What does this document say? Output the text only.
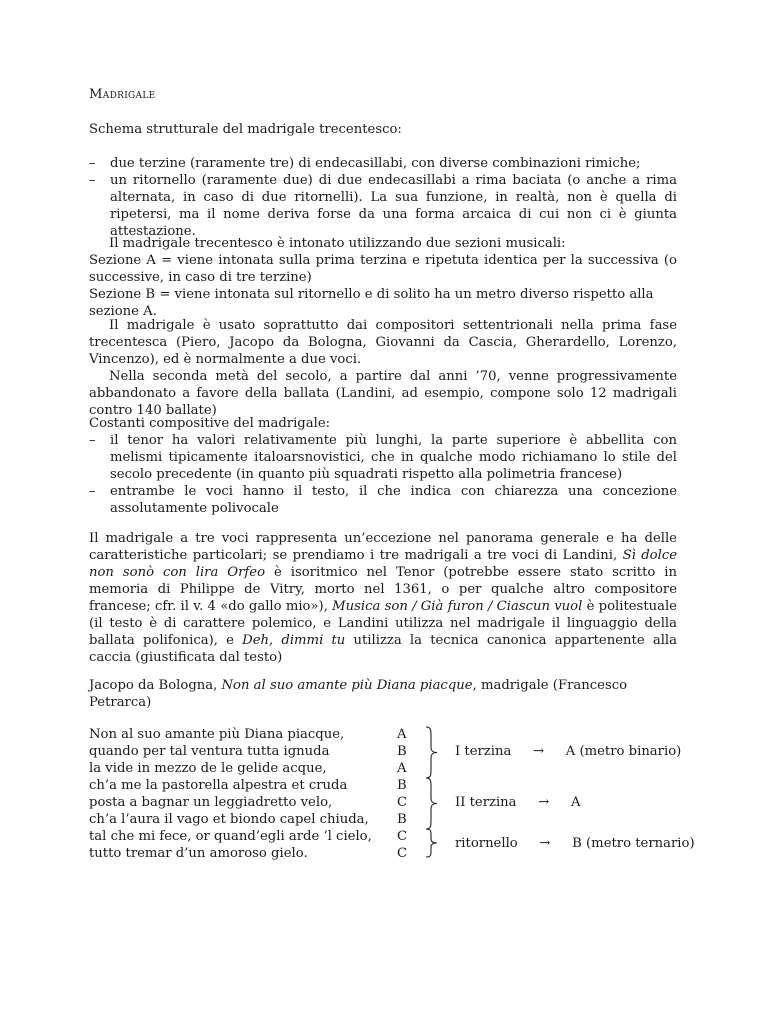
Madrigale
Schema strutturale del madrigale trecentesco:
– due terzine (raramente tre) di endecasillabi, con diverse combinazioni rimiche;
– un ritornello (raramente due) di due endecasillabi a rima baciata (o anche a rima alternata, in caso di due ritornelli). La sua funzione, in realtà, non è quella di ripetersi, ma il nome deriva forse da una forma arcaica di cui non ci è giunta attestazione.

Il madrigale trecentesco è intonato utilizzando due sezioni musicali:

Sezione A = viene intonata sulla prima terzina e ripetuta identica per la successiva (o successive, in caso di tre terzine)

Sezione B = viene intonata sul ritornello e di solito ha un metro diverso rispetto alla sezione A.

Il madrigale è usato soprattutto dai compositori settentrionali nella prima fase trecentesca (Piero, Jacopo da Bologna, Giovanni da Cascia, Gherardello, Lorenzo, Vincenzo), ed è normalmente a due voci.

Nella seconda metà del secolo, a partire dal anni ’70, venne progressivamente abbandonato a favore della ballata (Landini, ad esempio, compone solo 12 madrigali contro 140 ballate)

Costanti compositive del madrigale:
– il tenor ha valori relativamente più lunghi, la parte superiore è abbellita con melismi tipicamente italoarsnovistici, che in qualche modo richiamano lo stile del secolo precedente (in quanto più squadrati rispetto alla polimetria francese)
– entrambe le voci hanno il testo, il che indica con chiarezza una concezione assolutamente polivocale

Il madrigale a tre voci rappresenta un’eccezione nel panorama generale e ha delle caratteristiche particolari; se prendiamo i tre madrigali a tre voci di Landini, Sì dolce non sonò con lira Orfeo è isoritmico nel Tenor (potrebbe essere stato scritto in memoria di Philippe de Vitry, morto nel 1361, o per qualche altro compositore francese; cfr. il v. 4 «do gallo mio»), Musica son / Già furon / Ciascun vuol è politestuale (il testo è di carattere polemico, e Landini utilizza nel madrigale il linguaggio della ballata polifonica), e Deh, dimmi tu utilizza la tecnica canonica appartenente alla caccia (giustificata dal testo)

Jacopo da Bologna, Non al suo amante più Diana piacque, madrigale (Francesco Petrarca)
Non al suo amante più Diana piacque,
quando per tal ventura tutta ignuda
la vide in mezzo de le gelide acque,
ch’a me la pastorella alpestra et cruda
posta a bagnar un leggiadretto velo,
ch’a l’aura il vago et biondo capel chiuda,
tal che mi fece, or quand’egli arde ’l cielo,
tutto tremar d’un amoroso gielo.
A
B
A
B
C
B
C
C
I terzina → A (metro binario)
II terzina → A
ritornello → B (metro ternario)
